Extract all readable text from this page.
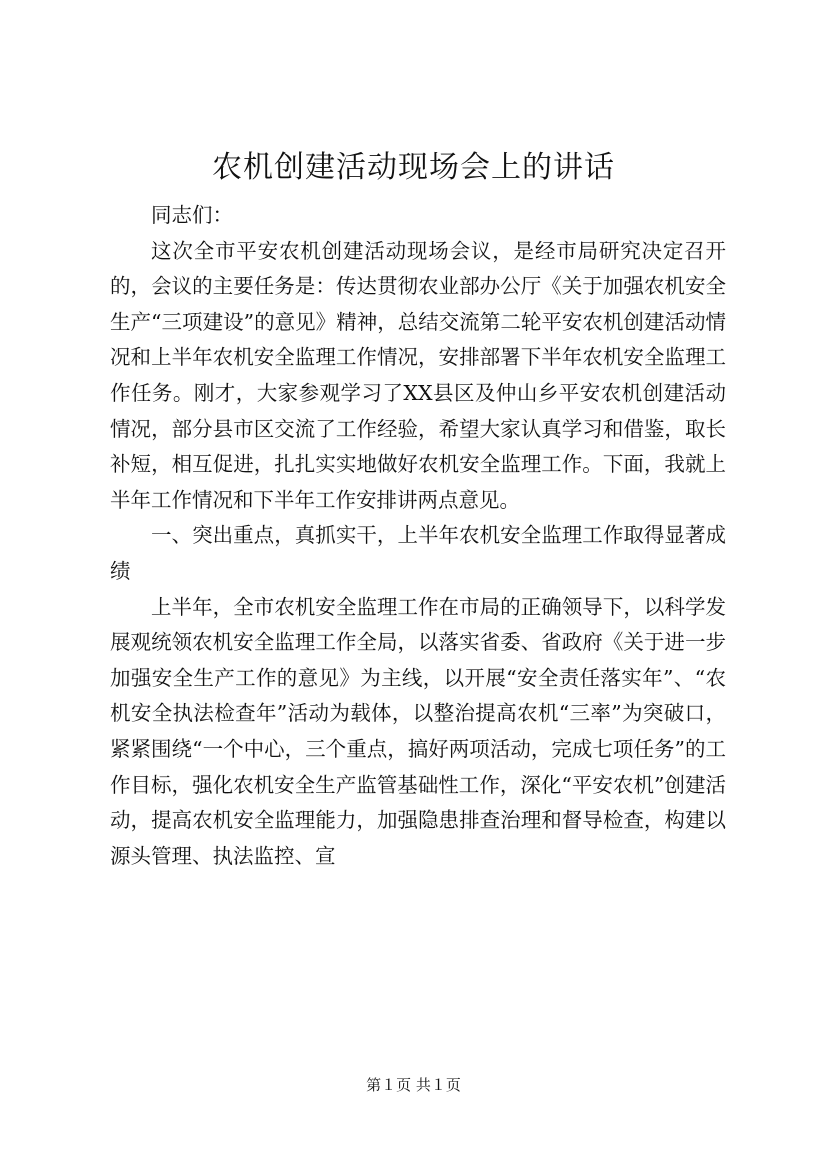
农机创建活动现场会上的讲话

同志们：

这次全市平安农机创建活动现场会议，是经市局研究决定召开的，会议的主要任务是：传达贯彻农业部办公厅《关于加强农机安全生产“三项建设”的意见》精神，总结交流第二轮平安农机创建活动情况和上半年农机安全监理工作情况，安排部署下半年农机安全监理工作任务。刚才，大家参观学习了XX县区及仲山乡平安农机创建活动情况，部分县市区交流了工作经验，希望大家认真学习和借鉴，取长补短，相互促进，扎扎实实地做好农机安全监理工作。下面，我就上半年工作情况和下半年工作安排讲两点意见。

一、突出重点，真抓实干，上半年农机安全监理工作取得显著成绩

上半年，全市农机安全监理工作在市局的正确领导下，以科学发展观统领农机安全监理工作全局，以落实省委、省政府《关于进一步加强安全生产工作的意见》为主线，以开展“安全责任落实年”、“农机安全执法检查年”活动为载体，以整治提高农机“三率”为突破口，紧紧围绕“一个中心，三个重点，搞好两项活动，完成七项任务”的工作目标，强化农机安全生产监管基础性工作，深化“平安农机”创建活动，提高农机安全监理能力，加强隐患排查治理和督导检查，构建以源头管理、执法监控、宣

第１页 共１页
